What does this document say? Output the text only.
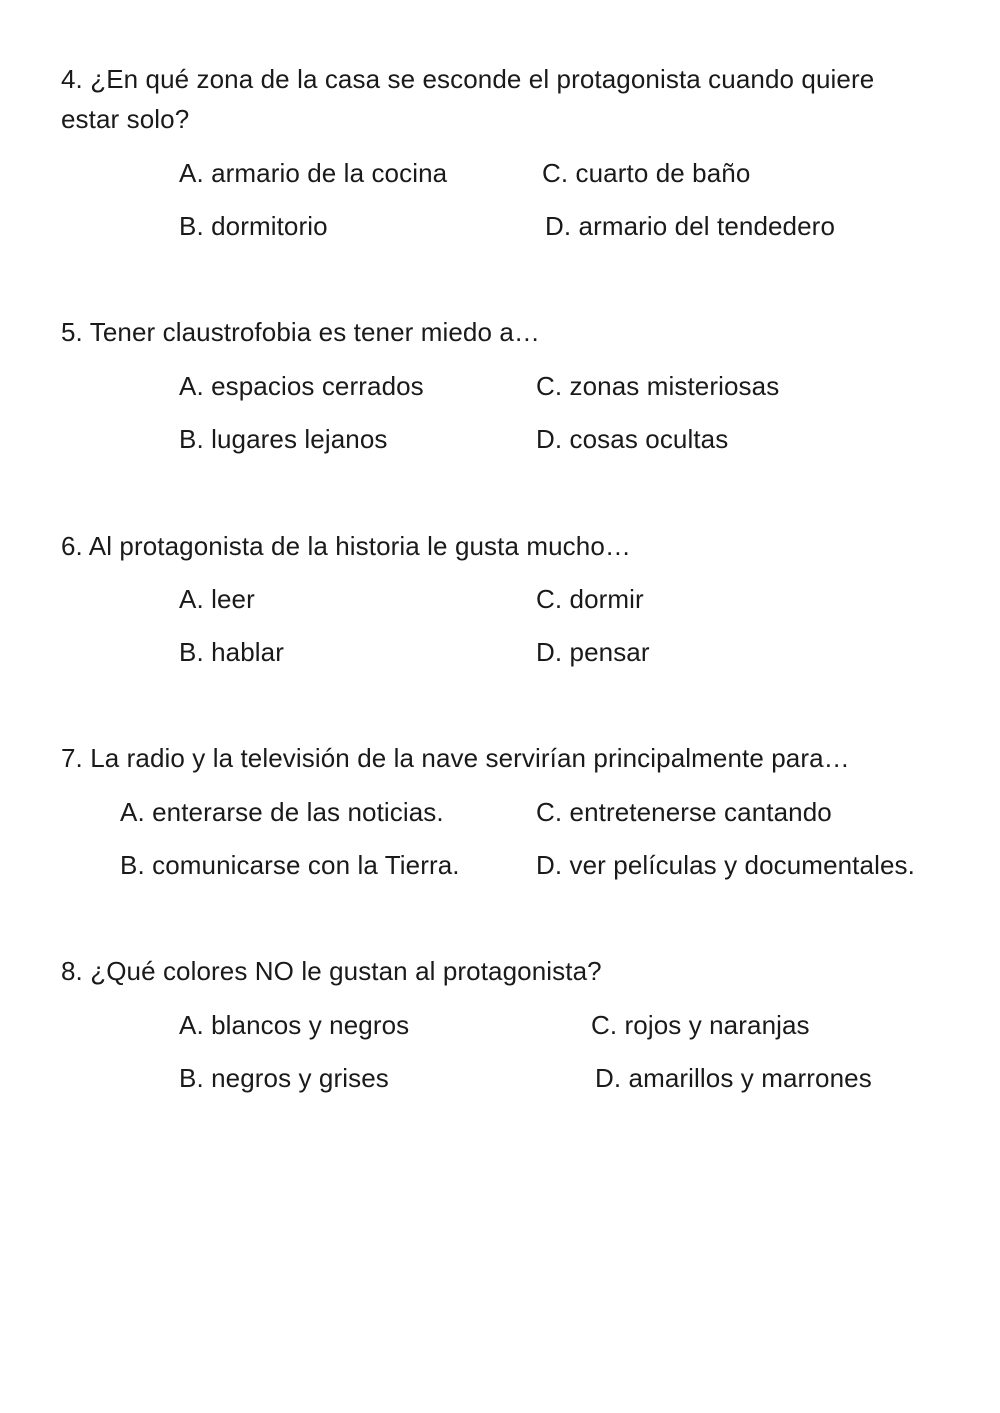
4. ¿En qué zona de la casa se esconde el protagonista cuando quiere estar solo?
A. armario de la cocina	C. cuarto de baño
B. dormitorio	D. armario del tendedero
5. Tener claustrofobia es tener miedo a…
A. espacios cerrados	C. zonas misteriosas
B. lugares lejanos	D. cosas ocultas
6. Al protagonista de la historia le gusta mucho…
A. leer	C. dormir
B. hablar	D. pensar
7. La radio y la televisión de la nave servirían principalmente para…
A. enterarse de las noticias.	C. entretenerse cantando
B. comunicarse con la Tierra.	D. ver películas y documentales.
8. ¿Qué colores NO le gustan al protagonista?
A. blancos y negros	C. rojos y naranjas
B. negros y grises	D. amarillos y marrones
